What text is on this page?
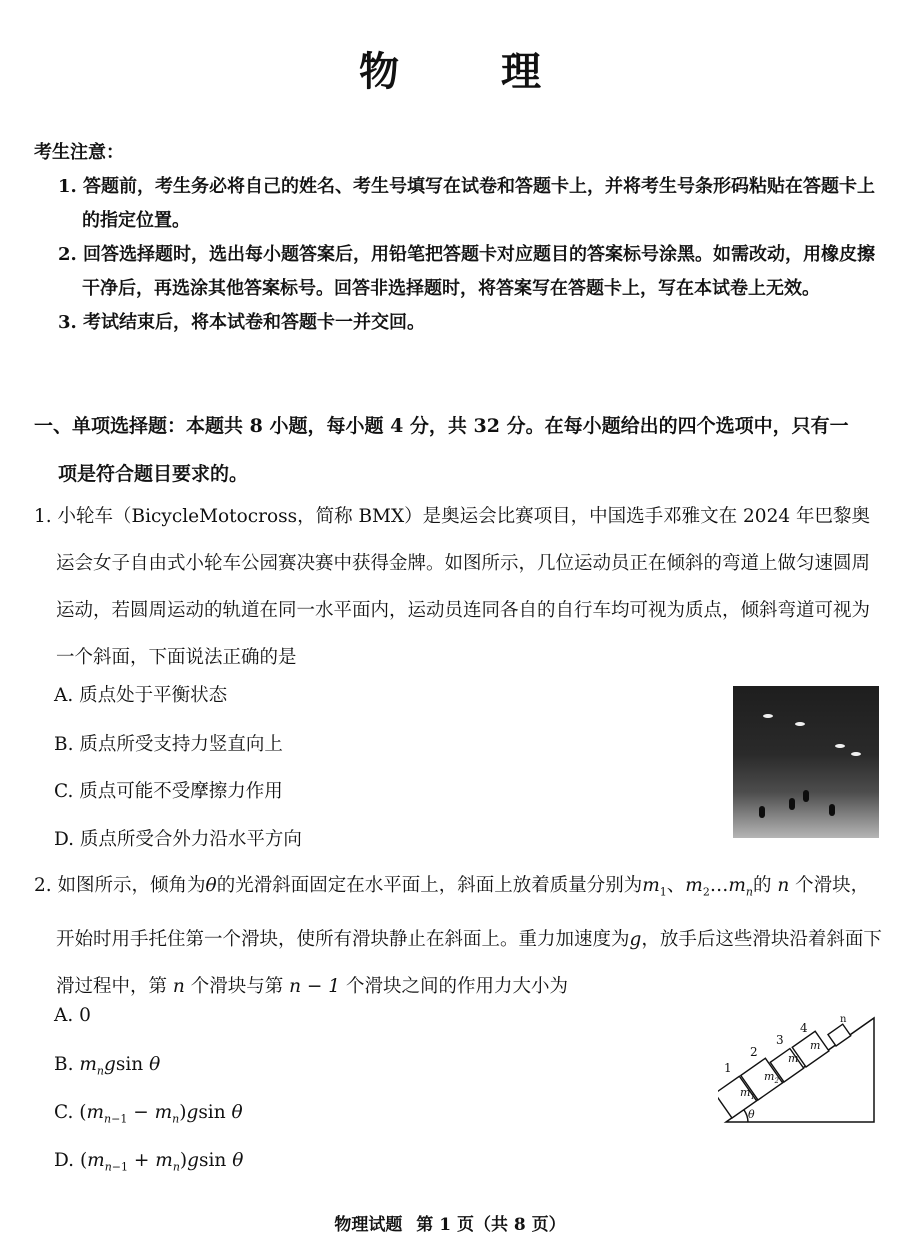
物 理
考生注意：
1. 答题前，考生务必将自己的姓名、考生号填写在试卷和答题卡上，并将考生号条形码粘贴在答题卡上的指定位置。
2. 回答选择题时，选出每小题答案后，用铅笔把答题卡对应题目的答案标号涂黑。如需改动，用橡皮擦干净后，再选涂其他答案标号。回答非选择题时，将答案写在答题卡上，写在本试卷上无效。
3. 考试结束后，将本试卷和答题卡一并交回。
一、单项选择题：本题共 8 小题，每小题 4 分，共 32 分。在每小题给出的四个选项中，只有一
项是符合题目要求的。
1. 小轮车（BicycleMotocross，简称 BMX）是奥运会比赛项目，中国选手邓雅文在 2024 年巴黎奥运会女子自由式小轮车公园赛决赛中获得金牌。如图所示，几位运动员正在倾斜的弯道上做匀速圆周运动，若圆周运动的轨道在同一水平面内，运动员连同各自的自行车均可视为质点，倾斜弯道可视为一个斜面，下面说法正确的是
A. 质点处于平衡状态
B. 质点所受支持力竖直向上
C. 质点可能不受摩擦力作用
D. 质点所受合外力沿水平方向
2. 如图所示，倾角为θ的光滑斜面固定在水平面上，斜面上放着质量分别为$m_1$、$m_2\dots m_n$的 n 个滑块，开始时用手托住第一个滑块，使所有滑块静止在斜面上。重力加速度为g，放手后这些滑块沿着斜面下滑过程中，第 n 个滑块与第 n − 1 个滑块之间的作用力大小为
A. 0
B. $m_ngsin$ θ
C. $(m_{n-1} - m_n)gsin$ θ
D. $(m_{n-1} + m_n)gsin$ θ
1
2
3
4
n
$m_1$
$m_2$
m
m
θ
物理试题 第 1 页（共 8 页）
